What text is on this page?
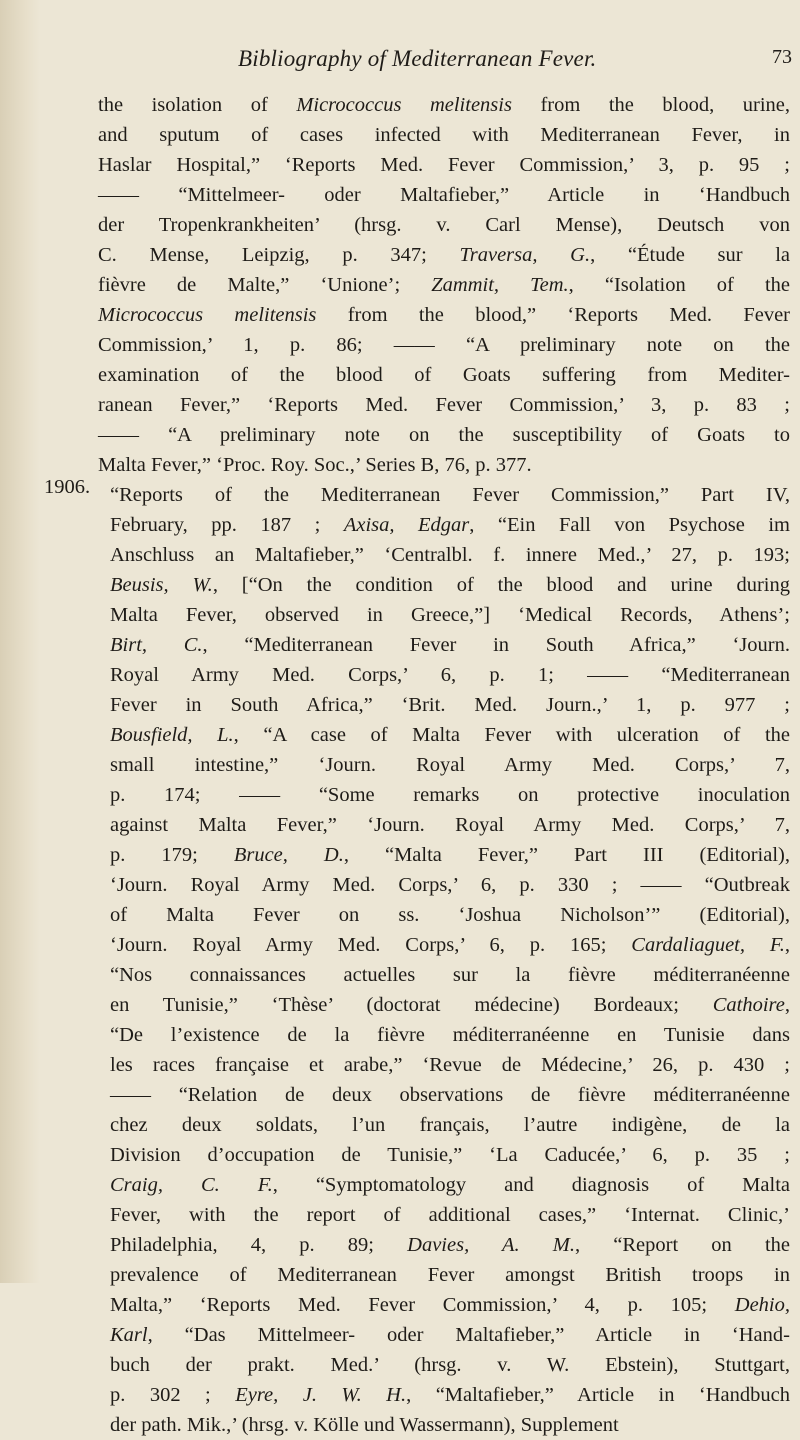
Bibliography of Mediterranean Fever.	73
1906.
the isolation of Micrococcus melitensis from the blood, urine,
and sputum of cases infected with Mediterranean Fever, in
Haslar Hospital,” ‘Reports Med. Fever Commission,’ 3, p. 95 ;
―― “Mittelmeer- oder Maltafieber,” Article in ‘Handbuch
der Tropenkrankheiten’ (hrsg. v. Carl Mense), Deutsch von
C. Mense, Leipzig, p. 347; Traversa, G., “Étude sur la
fièvre de Malte,” ‘Unione’; Zammit, Tem., “Isolation of the
Micrococcus melitensis from the blood,” ‘Reports Med. Fever
Commission,’ 1, p. 86; ―― “A preliminary note on the
examination of the blood of Goats suffering from Mediter-
ranean Fever,” ‘Reports Med. Fever Commission,’ 3, p. 83 ;
―― “A preliminary note on the susceptibility of Goats to
Malta Fever,” ‘Proc. Roy. Soc.,’ Series B, 76, p. 377.
“Reports of the Mediterranean Fever Commission,” Part IV,
February, pp. 187 ; Axisa, Edgar, “Ein Fall von Psychose im
Anschluss an Maltafieber,” ‘Centralbl. f. innere Med.,’ 27, p. 193;
Beusis, W., [“On the condition of the blood and urine during
Malta Fever, observed in Greece,”] ‘Medical Records, Athens’;
Birt, C., “Mediterranean Fever in South Africa,” ‘Journ.
Royal Army Med. Corps,’ 6, p. 1; ―― “Mediterranean
Fever in South Africa,” ‘Brit. Med. Journ.,’ 1, p. 977 ;
Bousfield, L., “A case of Malta Fever with ulceration of the
small intestine,” ‘Journ. Royal Army Med. Corps,’ 7,
p. 174; ―― “Some remarks on protective inoculation
against Malta Fever,” ‘Journ. Royal Army Med. Corps,’ 7,
p. 179; Bruce, D., “Malta Fever,” Part III (Editorial),
‘Journ. Royal Army Med. Corps,’ 6, p. 330 ; ―― “Outbreak
of Malta Fever on ss. ‘Joshua Nicholson’” (Editorial),
‘Journ. Royal Army Med. Corps,’ 6, p. 165; Cardaliaguet, F.,
“Nos connaissances actuelles sur la fièvre méditerranéenne
en Tunisie,” ‘Thèse’ (doctorat médecine) Bordeaux; Cathoire,
“De l’existence de la fièvre méditerranéenne en Tunisie dans
les races française et arabe,” ‘Revue de Médecine,’ 26, p. 430 ;
―― “Relation de deux observations de fièvre méditerranéenne
chez deux soldats, l’un français, l’autre indigène, de la
Division d’occupation de Tunisie,” ‘La Caducée,’ 6, p. 35 ;
Craig, C. F., “Symptomatology and diagnosis of Malta
Fever, with the report of additional cases,” ‘Internat. Clinic,’
Philadelphia, 4, p. 89; Davies, A. M., “Report on the
prevalence of Mediterranean Fever amongst British troops in
Malta,” ‘Reports Med. Fever Commission,’ 4, p. 105; Dehio,
Karl, “Das Mittelmeer- oder Maltafieber,” Article in ‘Hand-
buch der prakt. Med.’ (hrsg. v. W. Ebstein), Stuttgart,
p. 302 ; Eyre, J. W. H., “Maltafieber,” Article in ‘Handbuch
der path. Mik.,’ (hrsg. v. Kölle und Wassermann), Supplement
